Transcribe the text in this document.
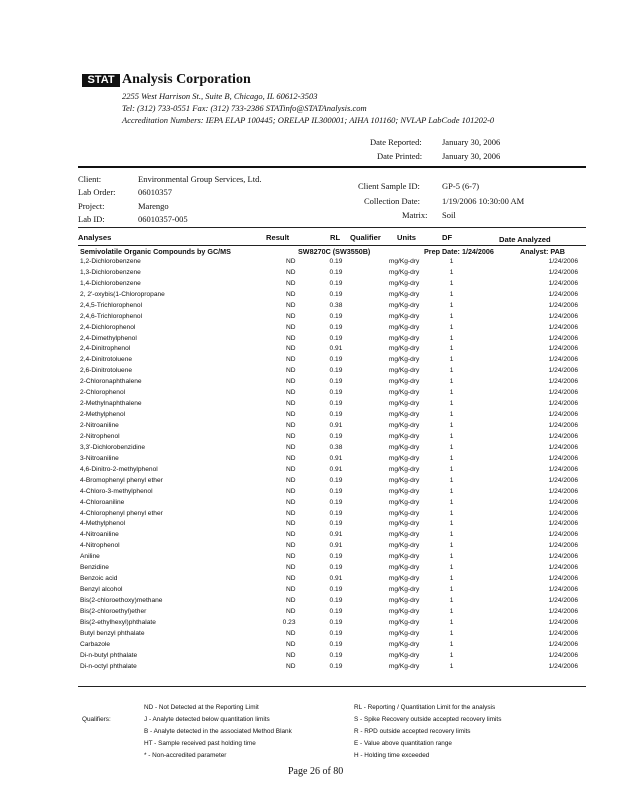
STAT Analysis Corporation
2255 West Harrison St., Suite B, Chicago, IL 60612-3503
Tel: (312) 733-0551 Fax: (312) 733-2386 STATinfo@STATAnalysis.com
Accreditation Numbers: IEPA ELAP 100445; ORELAP IL300001; AIHA 101160; NVLAP LabCode 101202-0
Date Reported: January 30, 2006
Date Printed: January 30, 2006
Client:	Environmental Group Services, Ltd.
Lab Order:	06010357
Project:	Marengo
Lab ID:	06010357-005
Client Sample ID:	GP-5 (6-7)
Collection Date:	1/19/2006 10:30:00 AM
Matrix: Soil
Analyses	Result	RL Qualifier Units	DF	Date Analyzed
Semivolatile Organic Compounds by GC/MS	SW8270C (SW3550B)	Prep Date: 1/24/2006	Analyst: PAB
1,2-Dichlorobenzene	ND	0.19		mg/Kg-dry	1	1/24/2006
1,3-Dichlorobenzene	ND	0.19		mg/Kg-dry	1	1/24/2006
1,4-Dichlorobenzene	ND	0.19		mg/Kg-dry	1	1/24/2006
2, 2'-oxybis(1-Chloropropane	ND	0.19		mg/Kg-dry	1	1/24/2006
2,4,5-Trichlorophenol	ND	0.38		mg/Kg-dry	1	1/24/2006
2,4,6-Trichlorophenol	ND	0.19		mg/Kg-dry	1	1/24/2006
2,4-Dichlorophenol	ND	0.19		mg/Kg-dry	1	1/24/2006
2,4-Dimethylphenol	ND	0.19		mg/Kg-dry	1	1/24/2006
2,4-Dinitrophenol	ND	0.91		mg/Kg-dry	1	1/24/2006
2,4-Dinitrotoluene	ND	0.19		mg/Kg-dry	1	1/24/2006
2,6-Dinitrotoluene	ND	0.19		mg/Kg-dry	1	1/24/2006
2-Chloronaphthalene	ND	0.19		mg/Kg-dry	1	1/24/2006
2-Chlorophenol	ND	0.19		mg/Kg-dry	1	1/24/2006
2-Methylnaphthalene	ND	0.19		mg/Kg-dry	1	1/24/2006
2-Methylphenol	ND	0.19		mg/Kg-dry	1	1/24/2006
2-Nitroaniline	ND	0.91		mg/Kg-dry	1	1/24/2006
2-Nitrophenol	ND	0.19		mg/Kg-dry	1	1/24/2006
3,3'-Dichlorobenzidine	ND	0.38		mg/Kg-dry	1	1/24/2006
3-Nitroaniline	ND	0.91		mg/Kg-dry	1	1/24/2006
4,6-Dinitro-2-methylphenol	ND	0.91		mg/Kg-dry	1	1/24/2006
4-Bromophenyl phenyl ether	ND	0.19		mg/Kg-dry	1	1/24/2006
4-Chloro-3-methylphenol	ND	0.19		mg/Kg-dry	1	1/24/2006
4-Chloroaniline	ND	0.19		mg/Kg-dry	1	1/24/2006
4-Chlorophenyl phenyl ether	ND	0.19		mg/Kg-dry	1	1/24/2006
4-Methylphenol	ND	0.19		mg/Kg-dry	1	1/24/2006
4-Nitroaniline	ND	0.91		mg/Kg-dry	1	1/24/2006
4-Nitrophenol	ND	0.91		mg/Kg-dry	1	1/24/2006
Aniline	ND	0.19		mg/Kg-dry	1	1/24/2006
Benzidine	ND	0.19		mg/Kg-dry	1	1/24/2006
Benzoic acid	ND	0.91		mg/Kg-dry	1	1/24/2006
Benzyl alcohol	ND	0.19		mg/Kg-dry	1	1/24/2006
Bis(2-chloroethoxy)methane	ND	0.19		mg/Kg-dry	1	1/24/2006
Bis(2-chloroethyl)ether	ND	0.19		mg/Kg-dry	1	1/24/2006
Bis(2-ethylhexyl)phthalate	0.23	0.19		mg/Kg-dry	1	1/24/2006
Butyl benzyl phthalate	ND	0.19		mg/Kg-dry	1	1/24/2006
Carbazole	ND	0.19		mg/Kg-dry	1	1/24/2006
Di-n-butyl phthalate	ND	0.19		mg/Kg-dry	1	1/24/2006
Di-n-octyl phthalate	ND	0.19		mg/Kg-dry	1	1/24/2006
Qualifiers:
ND - Not Detected at the Reporting Limit
J - Analyte detected below quantitation limits
B - Analyte detected in the associated Method Blank
HT - Sample received past holding time
* - Non-accredited parameter
RL - Reporting / Quantitation Limit for the analysis
S - Spike Recovery outside accepted recovery limits
R - RPD outside accepted recovery limits
E - Value above quantitation range
H - Holding time exceeded
Page 26 of 80
